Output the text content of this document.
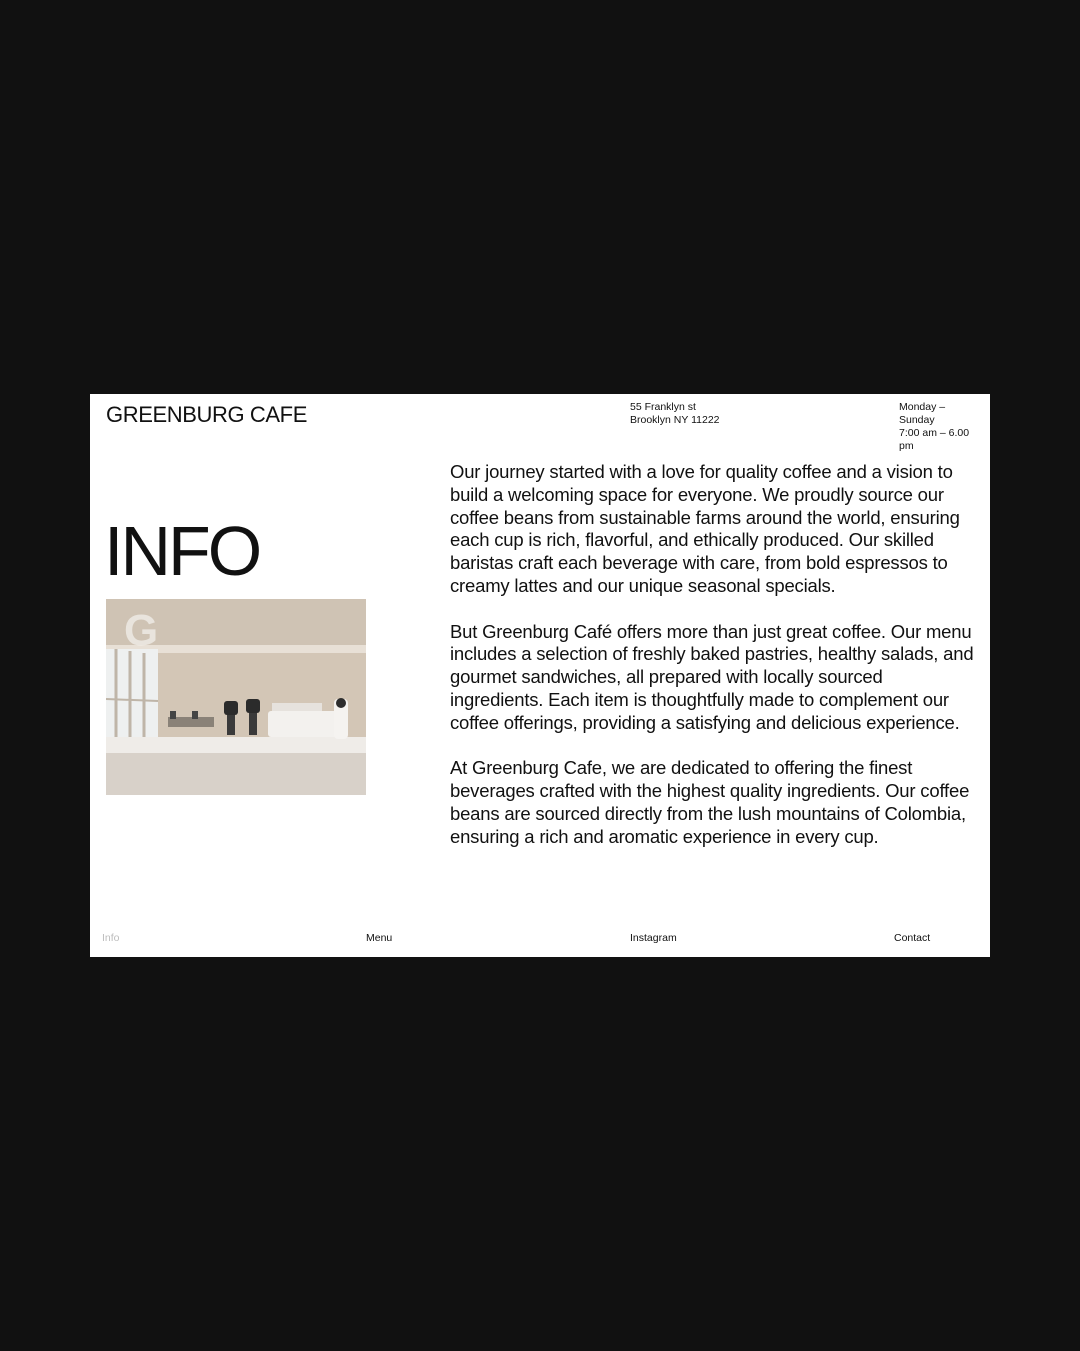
GREENBURG CAFE	55 Franklyn st
Brooklyn NY 11222
Monday –
Sunday
7:00 am – 6.00
pm
INFO
G

Our journey started with a love for quality coffee and a vision to build a welcoming space for everyone. We proudly source our coffee beans from sustainable farms around the world, ensuring each cup is rich, flavorful, and ethically produced. Our skilled baristas craft each beverage with care, from bold espressos to creamy lattes and our unique seasonal specials.

But Greenburg Café offers more than just great coffee. Our menu includes a selection of freshly baked pastries, healthy salads, and gourmet sandwiches, all prepared with locally sourced ingredients. Each item is thoughtfully made to complement our coffee offerings, providing a satisfying and delicious experience.

At Greenburg Cafe, we are dedicated to offering the finest beverages crafted with the highest quality ingredients. Our coffee beans are sourced directly from the lush mountains of Colombia, ensuring a rich and aromatic experience in every cup.

Info	Menu	Instagram	Contact
